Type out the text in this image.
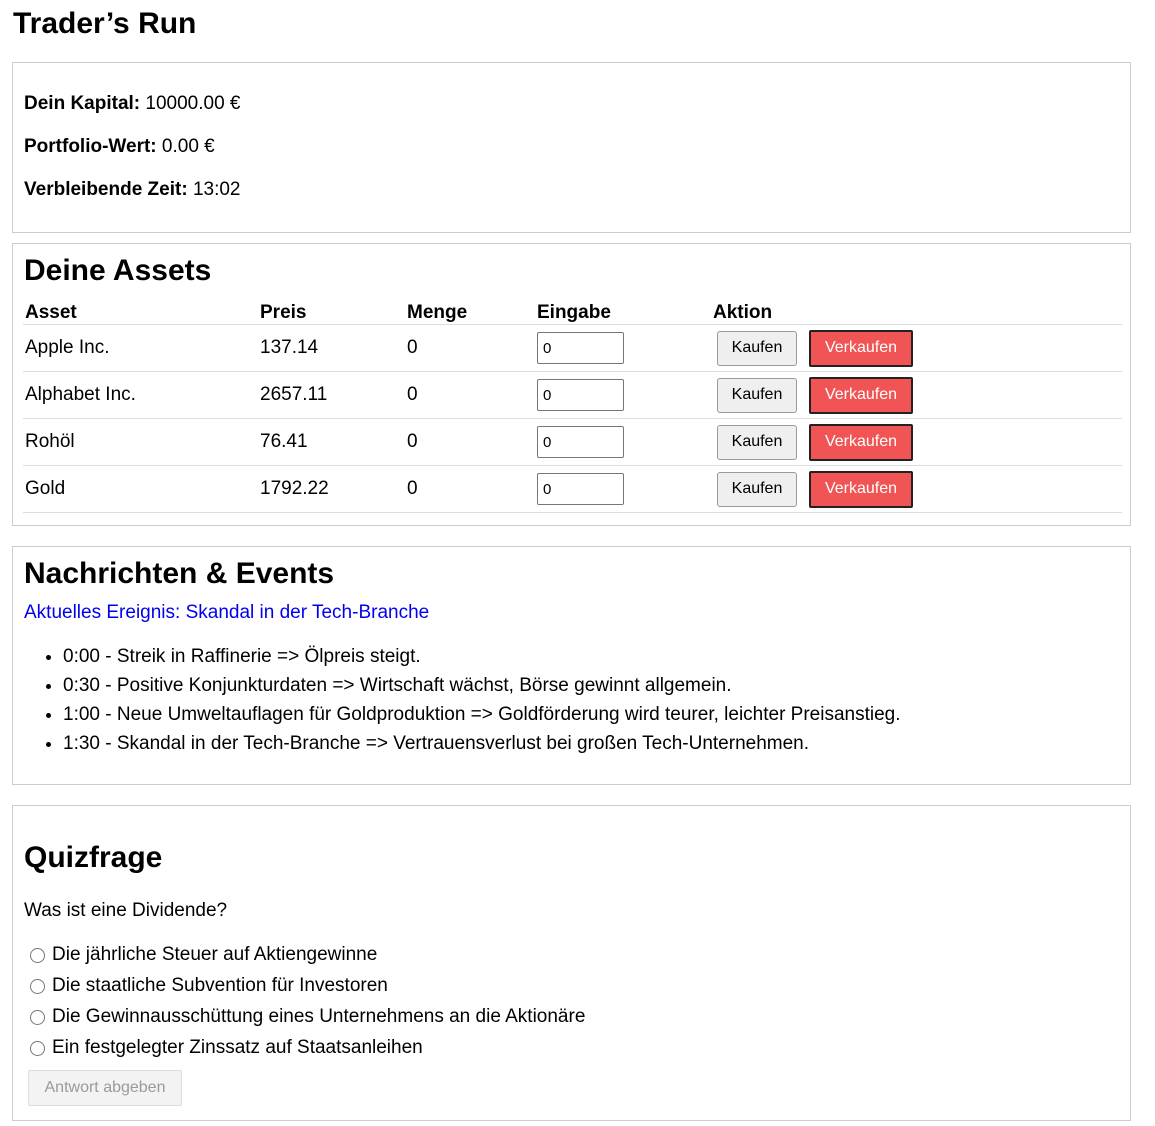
Trader’s Run
Dein Kapital: 10000.00 €
Portfolio-Wert: 0.00 €
Verbleibende Zeit: 13:02
Deine Assets
Asset	Preis	Menge	Eingabe	Aktion
Apple Inc.	137.14	0	0	Kaufen Verkaufen
Alphabet Inc.	2657.11	0	0	Kaufen Verkaufen
Rohöl	76.41	0	0	Kaufen Verkaufen
Gold	1792.22	0	0	Kaufen Verkaufen
Nachrichten & Events
Aktuelles Ereignis: Skandal in der Tech-Branche
• 0:00 - Streik in Raffinerie => Ölpreis steigt.
• 0:30 - Positive Konjunkturdaten => Wirtschaft wächst, Börse gewinnt allgemein.
• 1:00 - Neue Umweltauflagen für Goldproduktion => Goldförderung wird teurer, leichter Preisanstieg.
• 1:30 - Skandal in der Tech-Branche => Vertrauensverlust bei großen Tech-Unternehmen.
Quizfrage
Was ist eine Dividende?
Die jährliche Steuer auf Aktiengewinne
Die staatliche Subvention für Investoren
Die Gewinnausschüttung eines Unternehmens an die Aktionäre
Ein festgelegter Zinssatz auf Staatsanleihen
Antwort abgeben
